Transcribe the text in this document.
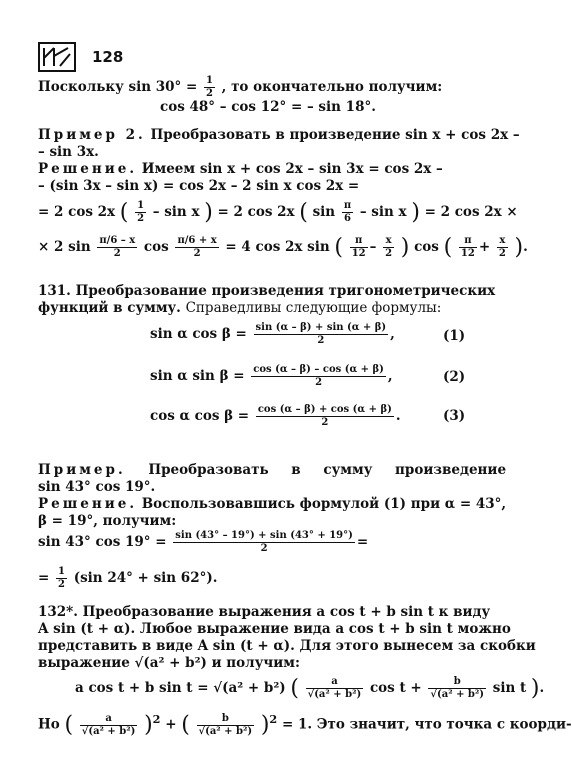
128
Поскольку $\sin 30^\circ = \frac{1}{2}$ , то окончательно получим:
cos 48° – cos 12° = – sin 18°.
Пример 2. Преобразовать в произведение sin x + cos 2x –
– sin 3x.
Решение. Имеем sin x + cos 2x – sin 3x = cos 2x –
– (sin 3x – sin x) = cos 2x – 2 sin x cos 2x =
= 2 cos 2x ( $\frac{1}{2}$ – sin x ) = 2 cos 2x ( $\sin \frac{\pi}{6}$ – sin x ) = 2 cos 2x ×
× 2 $\sin \frac{\pi/6 - x}{2}$ $\cos \frac{\pi/6 + x}{2} = 4$ cos 2x sin ( $\frac{\pi}{12} - \frac{x}{2}$ ) cos ( $\frac{\pi}{12} + \frac{x}{2}$ ).
131. Преобразование произведения тригонометрических
функций в сумму. Справедливы следующие формулы:
sin α $\cos \beta = \frac{\sin (\alpha - \beta) + \sin (\alpha + \beta)}{2}$ ,	(1)
sin α $\sin \beta = \frac{\cos (\alpha - \beta) - \cos (\alpha + \beta)}{2}$ ,	(2)
cos α $\cos \beta = \frac{\cos (\alpha - \beta) + \cos (\alpha + \beta)}{2}$ .	(3)
Пример. Преобразовать в сумму произведение
sin 43° cos 19°.
Решение. Воспользовавшись формулой (1) при α = 43°,
β = 19°, получим:
sin 43° $\cos 19^\circ = \frac{\sin (43^\circ - 19^\circ) + \sin (43^\circ + 19^\circ)}{2}$ =
= $\frac{1}{2} (\sin$ 24° + sin 62°).
132*. Преобразование выражения a cos t + b sin t к виду
A sin (t + α). Любое выражение вида a cos t + b sin t можно
представить в виде A sin (t + α). Для этого вынесем за скобки
выражение √(a² + b²) и получим:
a cos t + b sin t = √(a² + b²) ( $\frac{a}{\text{√(a² + b²)}}$ $\cos t + \frac{b}{\text{√(a² + b²)}}$ sin t ).
Но ( $\frac{a}{\text{√(a² + b²)}} )^2$ + ( $\frac{b}{\text{√(a² + b²)}} )^2 = 1$. Это значит, что точка с коорди-
